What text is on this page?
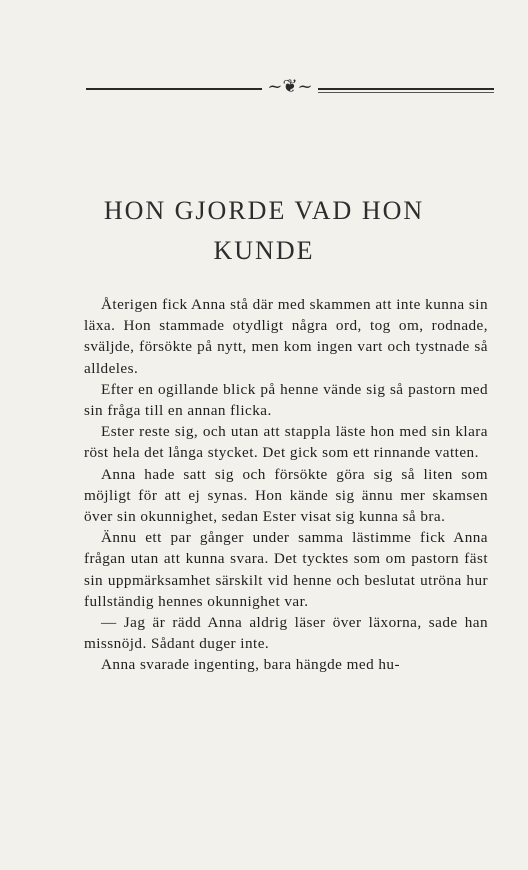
~❦~
HON GJORDE VAD HON
KUNDE

Återigen fick Anna stå där med skammen att inte kunna sin läxa. Hon stammade otydligt några ord, tog om, rodnade, sväljde, försökte på nytt, men kom ingen vart och tystnade så alldeles.

Efter en ogillande blick på henne vände sig så pastorn med sin fråga till en annan flicka.

Ester reste sig, och utan att stappla läste hon med sin klara röst hela det långa stycket. Det gick som ett rinnande vatten.

Anna hade satt sig och försökte göra sig så liten som möjligt för att ej synas. Hon kände sig ännu mer skamsen över sin okunnighet, sedan Ester visat sig kunna så bra.

Ännu ett par gånger under samma lästimme fick Anna frågan utan att kunna svara. Det tycktes som om pastorn fäst sin uppmärksamhet särskilt vid henne och beslutat utröna hur fullständig hennes okunnighet var.

— Jag är rädd Anna aldrig läser över läxorna, sade han missnöjd. Sådant duger inte.

Anna svarade ingenting, bara hängde med hu-
